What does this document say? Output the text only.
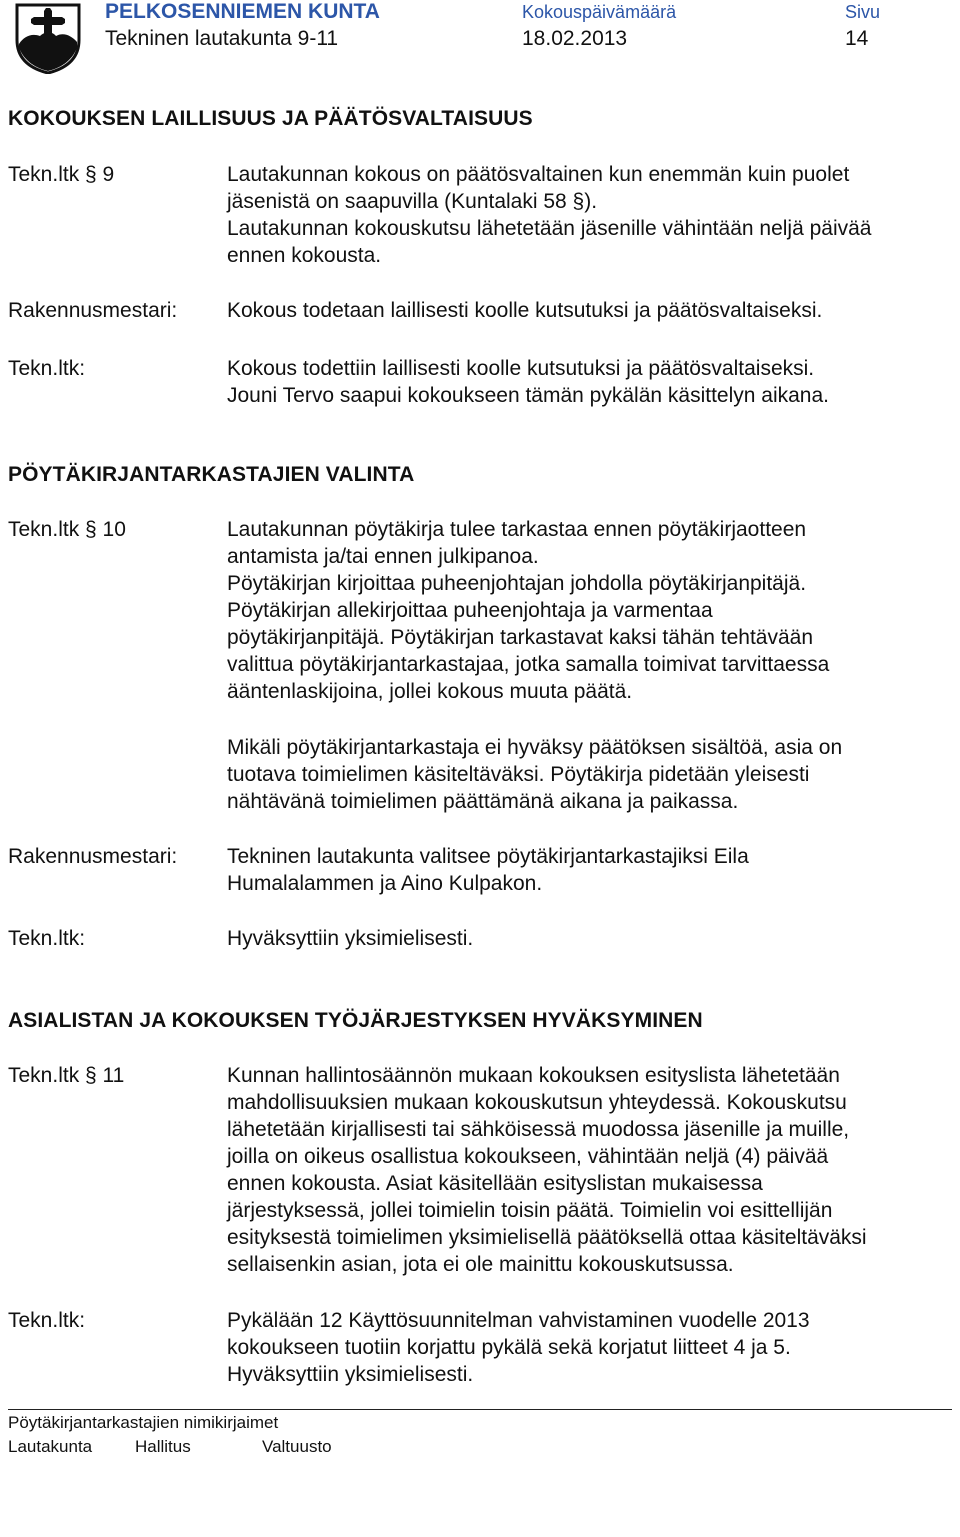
PELKOSENNIEMEN KUNTA
Tekninen lautakunta 9-11
Kokouspäivämäärä
18.02.2013
Sivu
14
KOKOUKSEN LAILLISUUS JA PÄÄTÖSVALTAISUUS
Tekn.ltk § 9	Lautakunnan kokous on päätösvaltainen kun enemmän kuin puolet
jäsenistä on saapuvilla (Kuntalaki 58 §).
Lautakunnan kokouskutsu lähetetään jäsenille vähintään neljä päivää
ennen kokousta.
Rakennusmestari: Kokous todetaan laillisesti koolle kutsutuksi ja päätösvaltaiseksi.
Tekn.ltk:	Kokous todettiin laillisesti koolle kutsutuksi ja päätösvaltaiseksi.
Jouni Tervo saapui kokoukseen tämän pykälän käsittelyn aikana.
PÖYTÄKIRJANTARKASTAJIEN VALINTA
Tekn.ltk § 10	Lautakunnan pöytäkirja tulee tarkastaa ennen pöytäkirjaotteen
antamista ja/tai ennen julkipanoa.
Pöytäkirjan kirjoittaa puheenjohtajan johdolla pöytäkirjanpitäjä.
Pöytäkirjan allekirjoittaa puheenjohtaja ja varmentaa
pöytäkirjanpitäjä. Pöytäkirjan tarkastavat kaksi tähän tehtävään
valittua pöytäkirjantarkastajaa, jotka samalla toimivat tarvittaessa
ääntenlaskijoina, jollei kokous muuta päätä.
Mikäli pöytäkirjantarkastaja ei hyväksy päätöksen sisältöä, asia on
tuotava toimielimen käsiteltäväksi. Pöytäkirja pidetään yleisesti
nähtävänä toimielimen päättämänä aikana ja paikassa.
Rakennusmestari: Tekninen lautakunta valitsee pöytäkirjantarkastajiksi Eila
Humalalammen ja Aino Kulpakon.
Tekn.ltk:	Hyväksyttiin yksimielisesti.
ASIALISTAN JA KOKOUKSEN TYÖJÄRJESTYKSEN HYVÄKSYMINEN
Tekn.ltk § 11	Kunnan hallintosäännön mukaan kokouksen esityslista lähetetään
mahdollisuuksien mukaan kokouskutsun yhteydessä. Kokouskutsu
lähetetään kirjallisesti tai sähköisessä muodossa jäsenille ja muille,
joilla on oikeus osallistua kokoukseen, vähintään neljä (4) päivää
ennen kokousta. Asiat käsitellään esityslistan mukaisessa
järjestyksessä, jollei toimielin toisin päätä. Toimielin voi esittellijän
esityksestä toimielimen yksimielisellä päätöksellä ottaa käsiteltäväksi
sellaisenkin asian, jota ei ole mainittu kokouskutsussa.
Tekn.ltk:	Pykälään 12 Käyttösuunnitelman vahvistaminen vuodelle 2013
kokoukseen tuotiin korjattu pykälä sekä korjatut liitteet 4 ja 5.
Hyväksyttiin yksimielisesti.
Pöytäkirjantarkastajien nimikirjaimet
Lautakunta	Hallitus	Valtuusto
